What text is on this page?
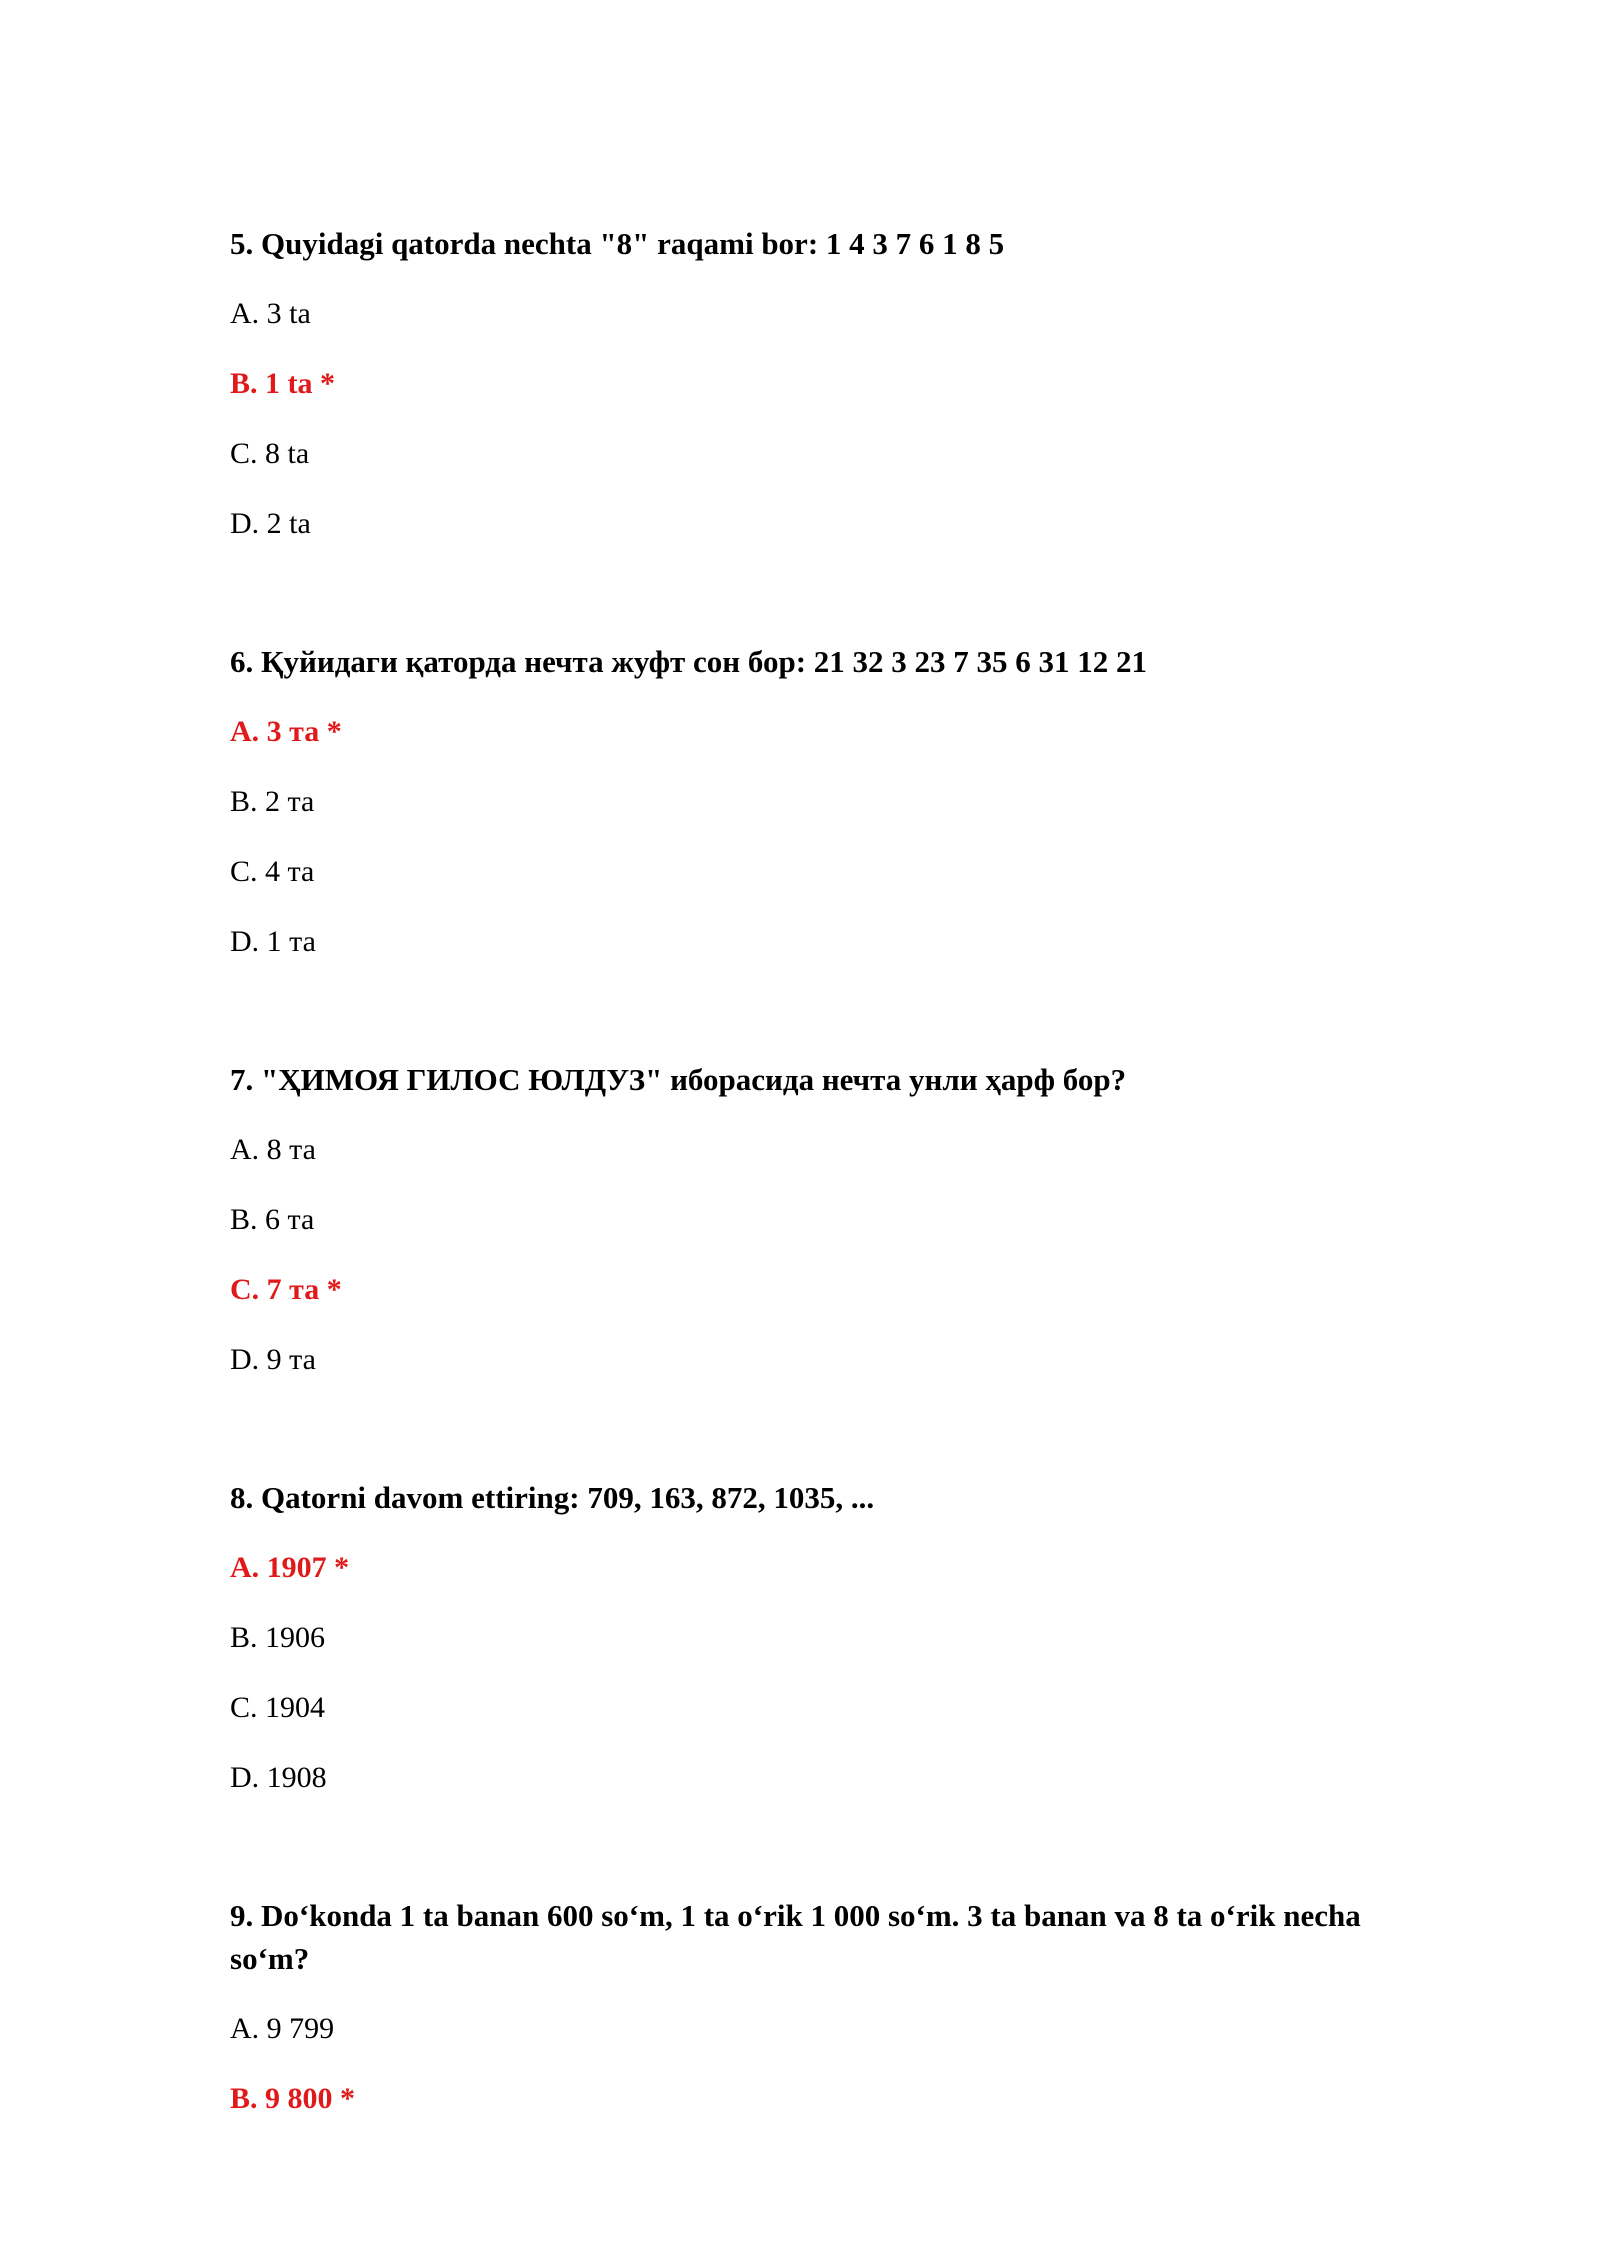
5. Quyidagi qatorda nechta "8" raqami bor: 1 4 3 7 6 1 8 5
A. 3 ta
B. 1 ta *
C. 8 ta
D. 2 ta
6. Қуйидаги қаторда нечта жуфт сон бор: 21 32 3 23 7 35 6 31 12 21
A. 3 та *
B. 2 та
C. 4 та
D. 1 та
7. "ҲИМОЯ ГИЛОС ЮЛДУЗ" иборасида нечта унли ҳарф бор?
A. 8 та
B. 6 та
C. 7 та *
D. 9 та
8. Qatorni davom ettiring: 709, 163, 872, 1035, ...
A. 1907 *
B. 1906
C. 1904
D. 1908
9. Do‘konda 1 ta banan 600 so‘m, 1 ta o‘rik 1 000 so‘m. 3 ta banan va 8 ta o‘rik necha so‘m?
A. 9 799
B. 9 800 *
